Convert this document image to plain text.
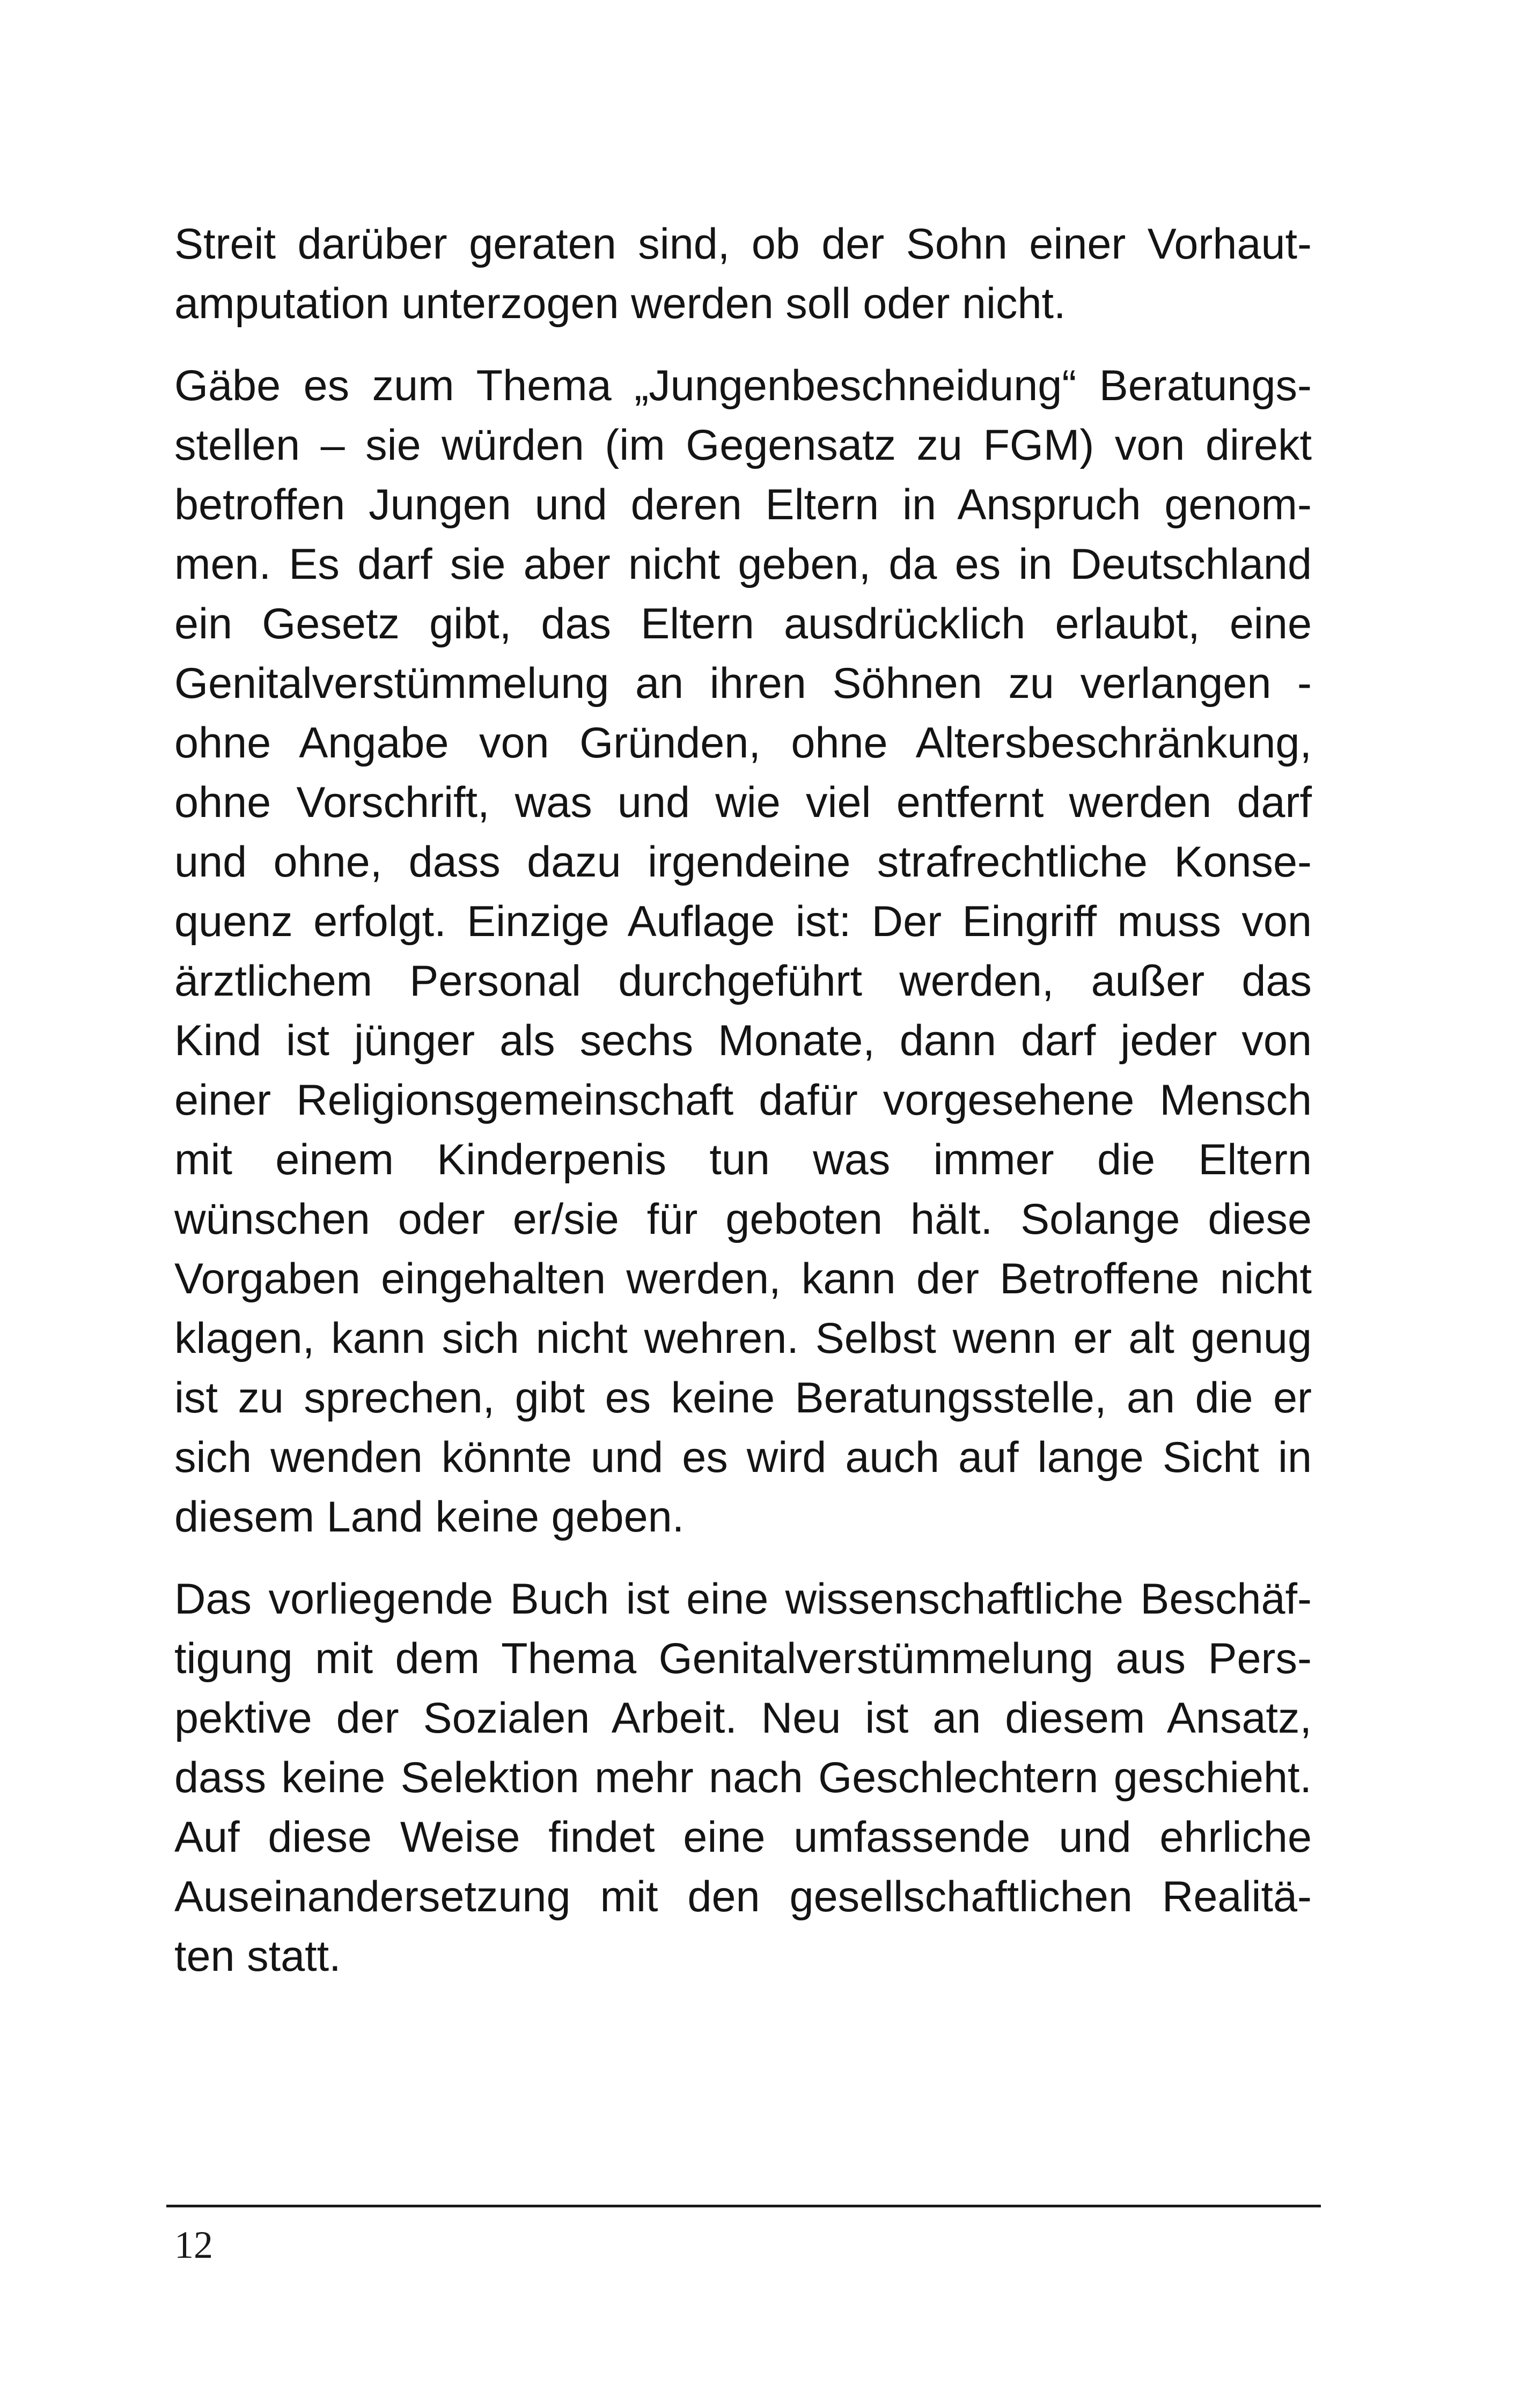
Streit darüber geraten sind, ob der Sohn einer Vorhaut-
amputation unterzogen werden soll oder nicht.
Gäbe es zum Thema „Jungenbeschneidung“ Beratungs-
stellen – sie würden (im Gegensatz zu FGM) von direkt
betroffen Jungen und deren Eltern in Anspruch genom-
men. Es darf sie aber nicht geben, da es in Deutschland
ein Gesetz gibt, das Eltern ausdrücklich erlaubt, eine
Genitalverstümmelung an ihren Söhnen zu verlangen -
ohne Angabe von Gründen, ohne Altersbeschränkung,
ohne Vorschrift, was und wie viel entfernt werden darf
und ohne, dass dazu irgendeine strafrechtliche Konse-
quenz erfolgt. Einzige Auflage ist: Der Eingriff muss von
ärztlichem Personal durchgeführt werden, außer das
Kind ist jünger als sechs Monate, dann darf jeder von
einer Religionsgemeinschaft dafür vorgesehene Mensch
mit einem Kinderpenis tun was immer die Eltern
wünschen oder er/sie für geboten hält. Solange diese
Vorgaben eingehalten werden, kann der Betroffene nicht
klagen, kann sich nicht wehren. Selbst wenn er alt genug
ist zu sprechen, gibt es keine Beratungsstelle, an die er
sich wenden könnte und es wird auch auf lange Sicht in
diesem Land keine geben.
Das vorliegende Buch ist eine wissenschaftliche Beschäf-
tigung mit dem Thema Genitalverstümmelung aus Pers-
pektive der Sozialen Arbeit. Neu ist an diesem Ansatz,
dass keine Selektion mehr nach Geschlechtern geschieht.
Auf diese Weise findet eine umfassende und ehrliche
Auseinandersetzung mit den gesellschaftlichen Realitä-
ten statt.
12
